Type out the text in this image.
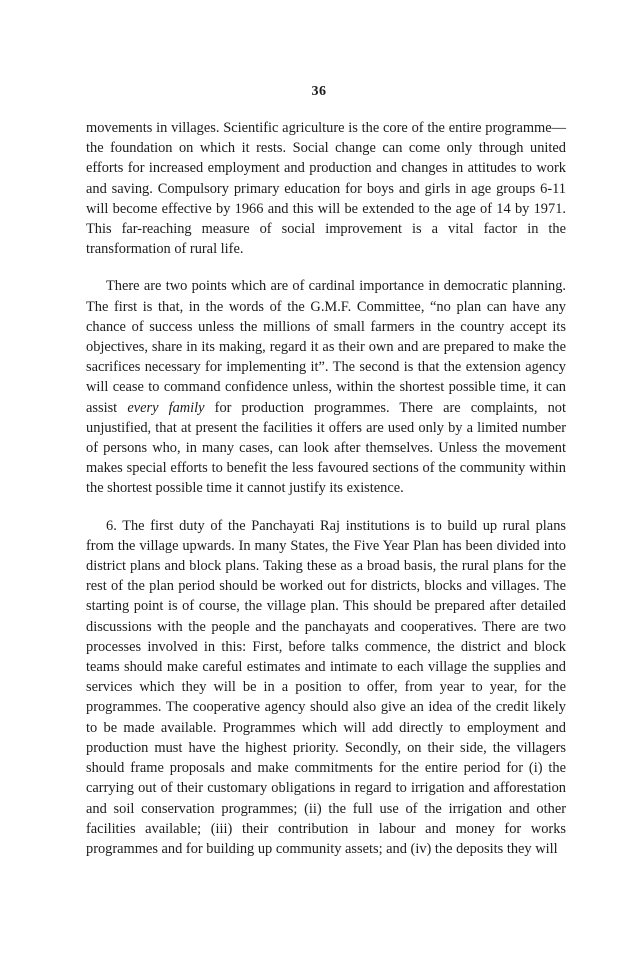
36

movements in villages. Scientific agriculture is the core of the entire programme—the foundation on which it rests. Social change can come only through united efforts for increased employment and production and changes in attitudes to work and saving. Compulsory primary education for boys and girls in age groups 6-11 will become effective by 1966 and this will be extended to the age of 14 by 1971. This far-reaching measure of social improvement is a vital factor in the transformation of rural life.

There are two points which are of cardinal importance in democratic planning. The first is that, in the words of the G.M.F. Committee, “no plan can have any chance of success unless the millions of small farmers in the country accept its objectives, share in its making, regard it as their own and are prepared to make the sacrifices necessary for implementing it”. The second is that the extension agency will cease to command confidence unless, within the shortest possible time, it can assist every family for production programmes. There are complaints, not unjustified, that at present the facilities it offers are used only by a limited number of persons who, in many cases, can look after themselves. Unless the movement makes special efforts to benefit the less favoured sections of the community within the shortest possible time it cannot justify its existence.

6. The first duty of the Panchayati Raj institutions is to build up rural plans from the village upwards. In many States, the Five Year Plan has been divided into district plans and block plans. Taking these as a broad basis, the rural plans for the rest of the plan period should be worked out for districts, blocks and villages. The starting point is of course, the village plan. This should be prepared after detailed discussions with the people and the panchayats and cooperatives. There are two processes involved in this: First, before talks commence, the district and block teams should make careful estimates and intimate to each village the supplies and services which they will be in a position to offer, from year to year, for the programmes. The cooperative agency should also give an idea of the credit likely to be made available. Programmes which will add directly to employment and production must have the highest priority. Secondly, on their side, the villagers should frame proposals and make commitments for the entire period for (i) the carrying out of their customary obligations in regard to irrigation and afforestation and soil conservation programmes; (ii) the full use of the irrigation and other facilities available; (iii) their contribution in labour and money for works programmes and for building up community assets; and (iv) the deposits they will
